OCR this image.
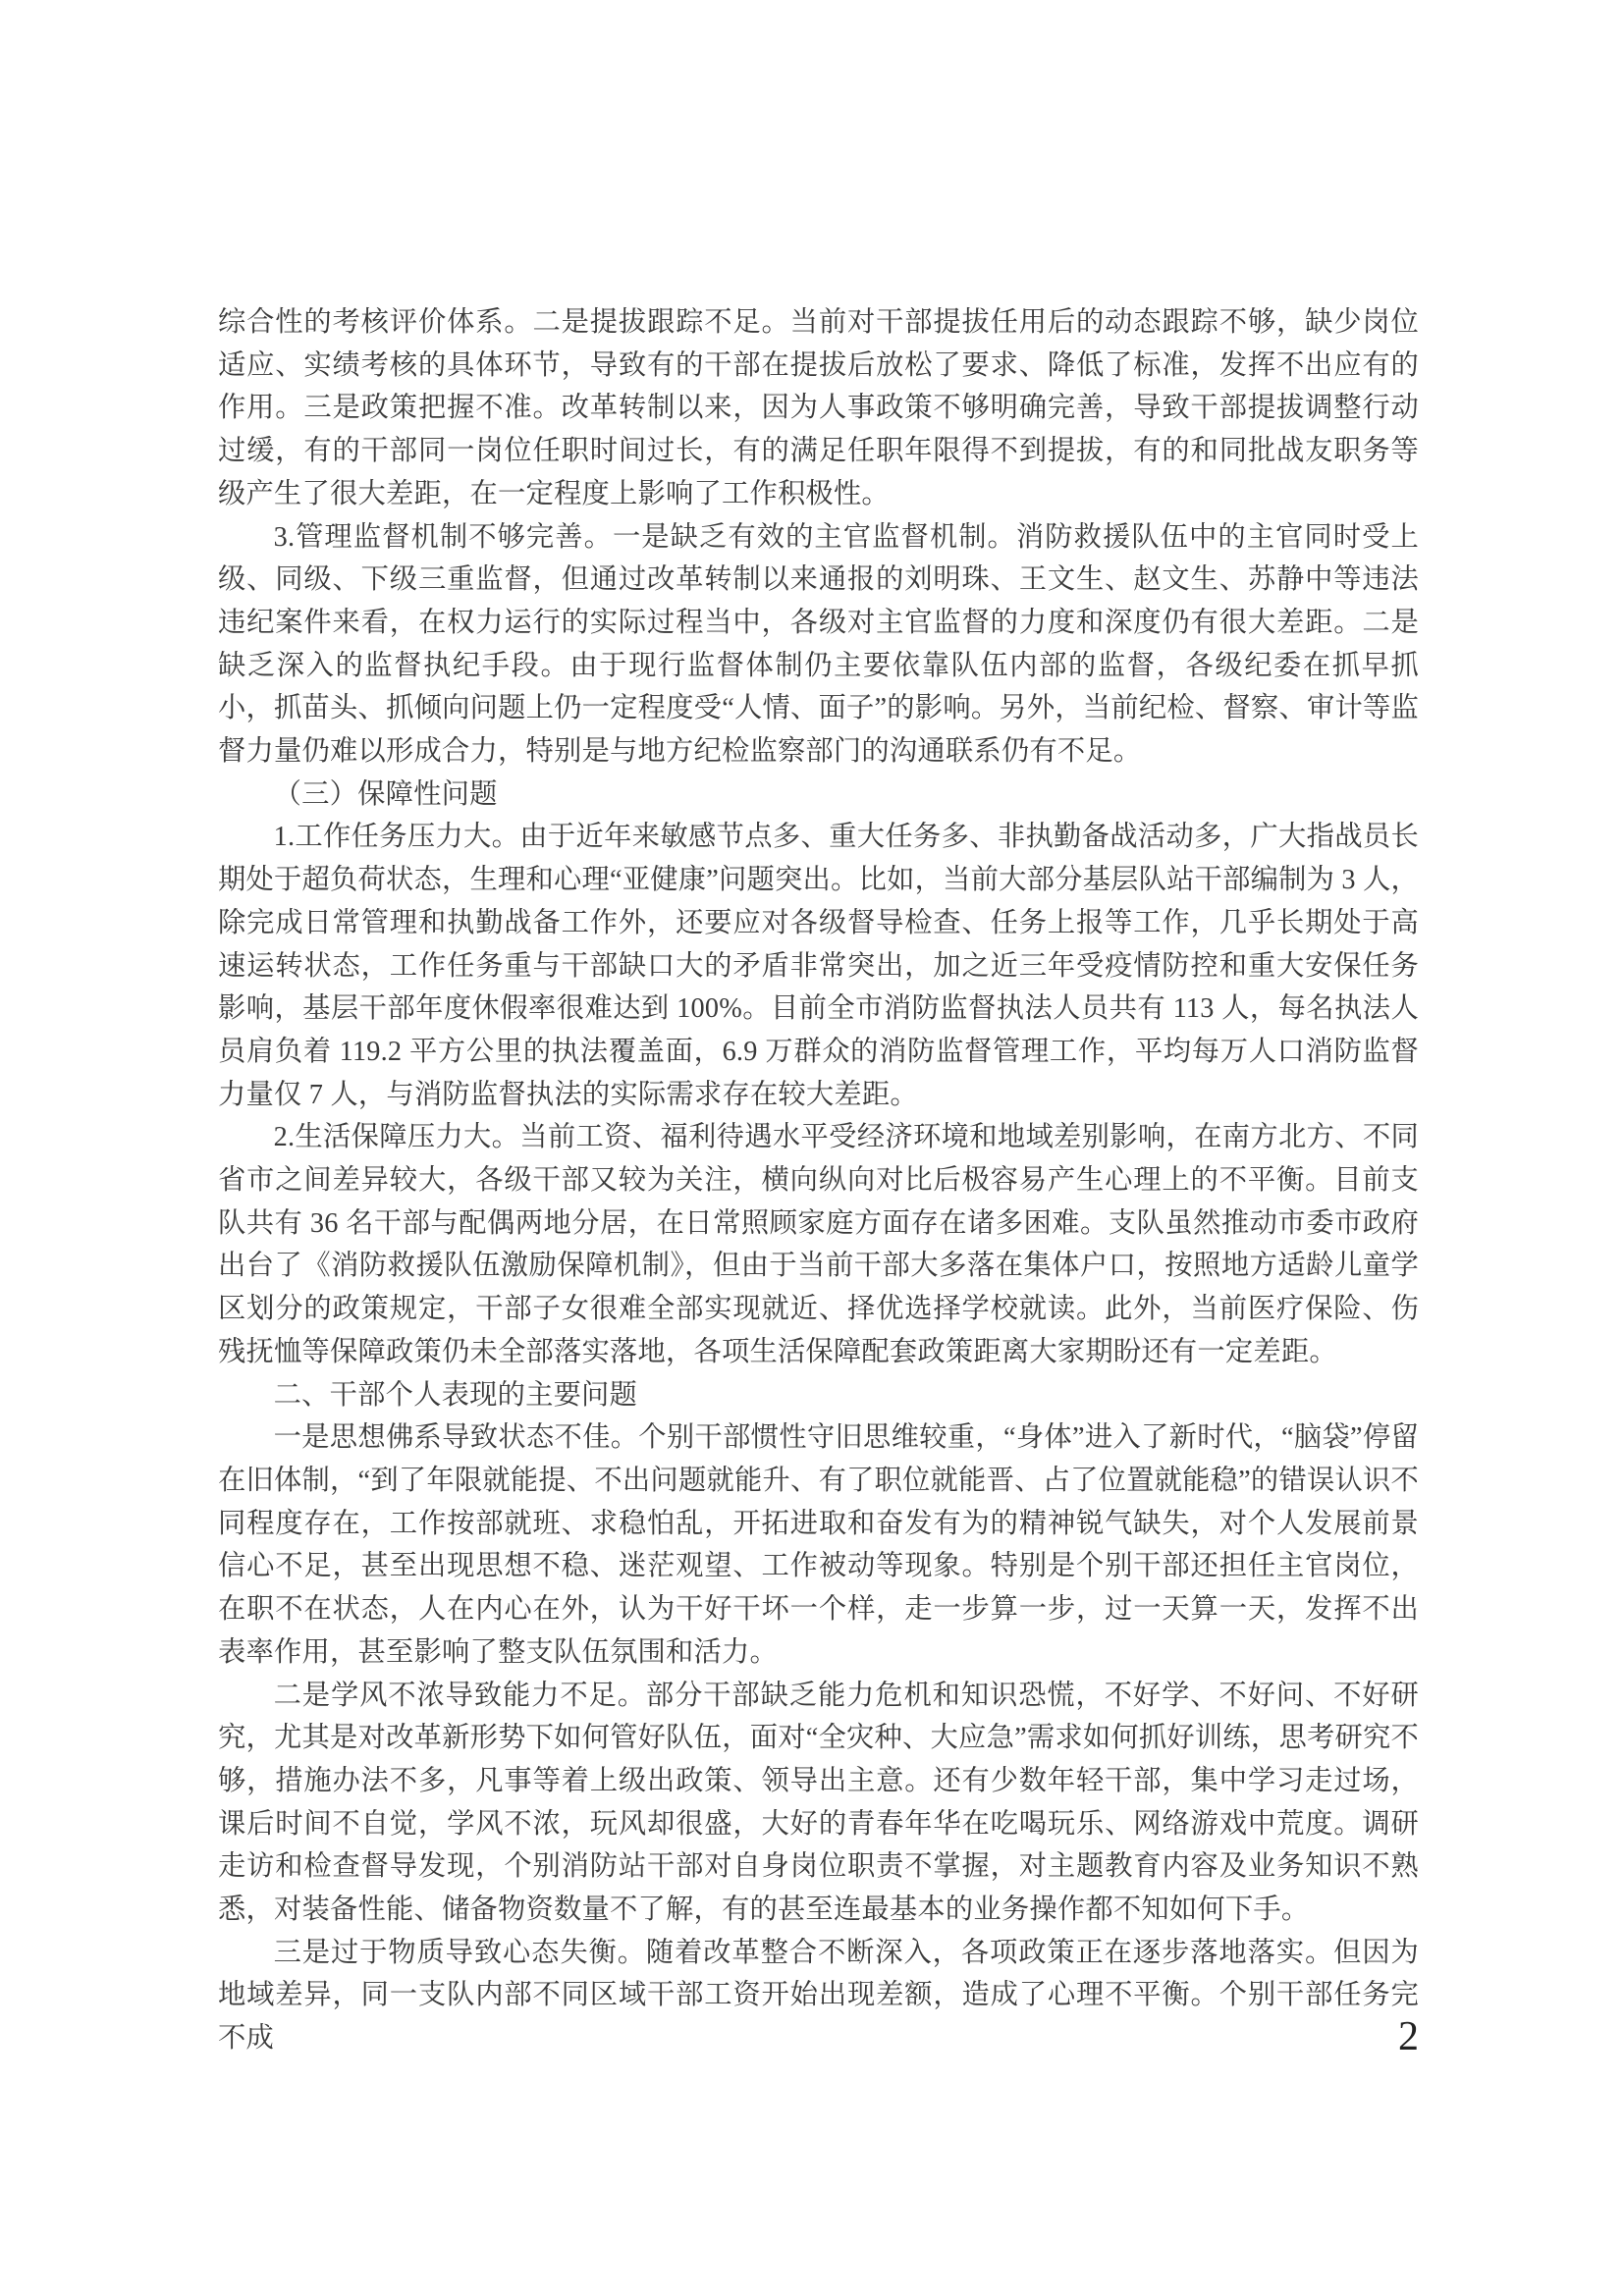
综合性的考核评价体系。二是提拔跟踪不足。当前对干部提拔任用后的动态跟踪不够，缺少岗位适应、实绩考核的具体环节，导致有的干部在提拔后放松了要求、降低了标准，发挥不出应有的作用。三是政策把握不准。改革转制以来，因为人事政策不够明确完善，导致干部提拔调整行动过缓，有的干部同一岗位任职时间过长，有的满足任职年限得不到提拔，有的和同批战友职务等级产生了很大差距，在一定程度上影响了工作积极性。

3.管理监督机制不够完善。一是缺乏有效的主官监督机制。消防救援队伍中的主官同时受上级、同级、下级三重监督，但通过改革转制以来通报的刘明珠、王文生、赵文生、苏静中等违法违纪案件来看，在权力运行的实际过程当中，各级对主官监督的力度和深度仍有很大差距。二是缺乏深入的监督执纪手段。由于现行监督体制仍主要依靠队伍内部的监督，各级纪委在抓早抓小，抓苗头、抓倾向问题上仍一定程度受“人情、面子”的影响。另外，当前纪检、督察、审计等监督力量仍难以形成合力，特别是与地方纪检监察部门的沟通联系仍有不足。

（三）保障性问题

1.工作任务压力大。由于近年来敏感节点多、重大任务多、非执勤备战活动多，广大指战员长期处于超负荷状态，生理和心理“亚健康”问题突出。比如，当前大部分基层队站干部编制为 3 人，除完成日常管理和执勤战备工作外，还要应对各级督导检查、任务上报等工作，几乎长期处于高速运转状态，工作任务重与干部缺口大的矛盾非常突出，加之近三年受疫情防控和重大安保任务影响，基层干部年度休假率很难达到 100%。目前全市消防监督执法人员共有 113 人，每名执法人员肩负着 119.2 平方公里的执法覆盖面，6.9 万群众的消防监督管理工作，平均每万人口消防监督力量仅 7 人，与消防监督执法的实际需求存在较大差距。

2.生活保障压力大。当前工资、福利待遇水平受经济环境和地域差别影响，在南方北方、不同省市之间差异较大，各级干部又较为关注，横向纵向对比后极容易产生心理上的不平衡。目前支队共有 36 名干部与配偶两地分居，在日常照顾家庭方面存在诸多困难。支队虽然推动市委市政府出台了《消防救援队伍激励保障机制》，但由于当前干部大多落在集体户口，按照地方适龄儿童学区划分的政策规定，干部子女很难全部实现就近、择优选择学校就读。此外，当前医疗保险、伤残抚恤等保障政策仍未全部落实落地，各项生活保障配套政策距离大家期盼还有一定差距。

二、干部个人表现的主要问题

一是思想佛系导致状态不佳。个别干部惯性守旧思维较重，“身体”进入了新时代，“脑袋”停留在旧体制，“到了年限就能提、不出问题就能升、有了职位就能晋、占了位置就能稳”的错误认识不同程度存在，工作按部就班、求稳怕乱，开拓进取和奋发有为的精神锐气缺失，对个人发展前景信心不足，甚至出现思想不稳、迷茫观望、工作被动等现象。特别是个别干部还担任主官岗位，在职不在状态，人在内心在外，认为干好干坏一个样，走一步算一步，过一天算一天，发挥不出表率作用，甚至影响了整支队伍氛围和活力。

二是学风不浓导致能力不足。部分干部缺乏能力危机和知识恐慌，不好学、不好问、不好研究，尤其是对改革新形势下如何管好队伍，面对“全灾种、大应急”需求如何抓好训练，思考研究不够，措施办法不多，凡事等着上级出政策、领导出主意。还有少数年轻干部，集中学习走过场，课后时间不自觉，学风不浓，玩风却很盛，大好的青春年华在吃喝玩乐、网络游戏中荒度。调研走访和检查督导发现，个别消防站干部对自身岗位职责不掌握，对主题教育内容及业务知识不熟悉，对装备性能、储备物资数量不了解，有的甚至连最基本的业务操作都不知如何下手。

三是过于物质导致心态失衡。随着改革整合不断深入，各项政策正在逐步落地落实。但因为地域差异，同一支队内部不同区域干部工资开始出现差额，造成了心理不平衡。个别干部任务完不成	2
